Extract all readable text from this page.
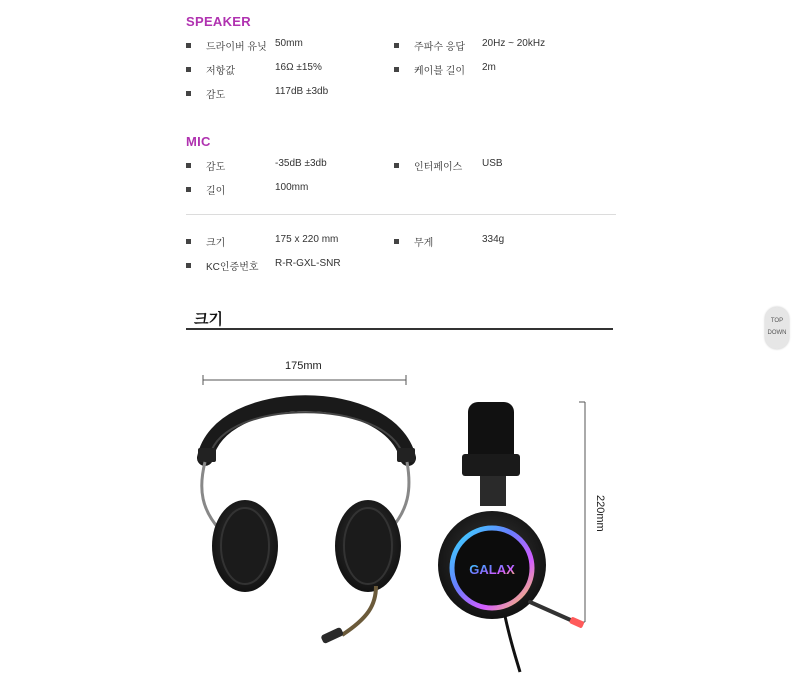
SPEAKER
드라이버 유닛 50mm	주파수 응답 20Hz ~ 20kHz
저항값	16Ω ±15%	케이블 길이 2m
감도	117dB ±3db
MIC
감도	-35dB ±3db	인터페이스 USB
길이	100mm
크기	175 x 220 mm	무게	334g
KC인증번호 R-R-GXL-SNR
크기	TOP
DOWN
175mm
220mm
GALAX
